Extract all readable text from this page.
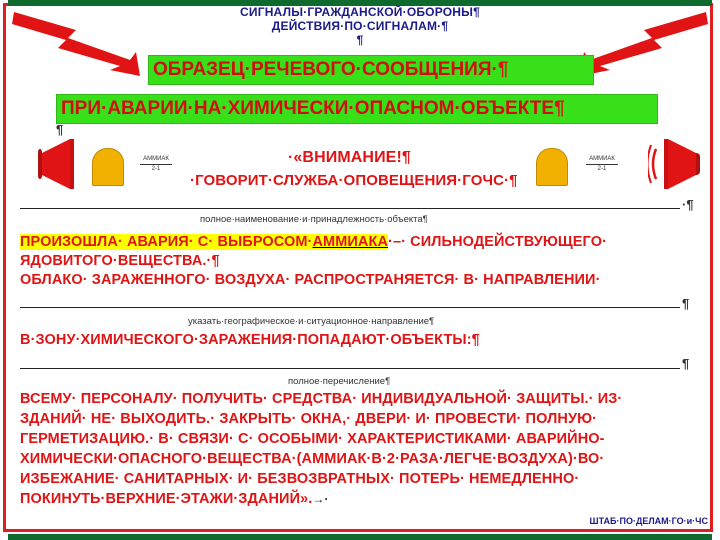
СИГНАЛЫ·ГРАЖДАНСКОЙ·ОБОРОНЫ¶
ДЕЙСТВИЯ·ПО·СИГНАЛАМ·¶
¶
ОБРАЗЕЦ·РЕЧЕВОГО·СООБЩЕНИЯ·¶
ПРИ·АВАРИИ·НА·ХИМИЧЕСКИ·ОПАСНОМ·ОБЪЕКТЕ¶
¶
АММИАК
2-1
АММИАК
2-1
·«ВНИМАНИЕ!¶
·ГОВОРИТ·СЛУЖБА·ОПОВЕЩЕНИЯ·ГОЧС·¶
·¶
полное·наименование·и·принадлежность·объекта¶
ПРОИЗОШЛА· АВАРИЯ· С· ВЫБРОСОМ·АММИАКА·–· СИЛЬНОДЕЙСТВУЮЩЕГО·
ЯДОВИТОГО·ВЕЩЕСТВА.·¶
ОБЛАКО· ЗАРАЖЕННОГО· ВОЗДУХА· РАСПРОСТРАНЯЕТСЯ· В· НАПРАВЛЕНИИ·
¶
указать·географическое·и·ситуационное·направление¶
В·ЗОНУ·ХИМИЧЕСКОГО·ЗАРАЖЕНИЯ·ПОПАДАЮТ·ОБЪЕКТЫ:¶
¶
полное·перечисление¶
ВСЕМУ· ПЕРСОНАЛУ· ПОЛУЧИТЬ· СРЕДСТВА· ИНДИВИДУАЛЬНОЙ· ЗАЩИТЫ.· ИЗ·
ЗДАНИЙ· НЕ· ВЫХОДИТЬ.· ЗАКРЫТЬ· ОКНА,· ДВЕРИ· И· ПРОВЕСТИ· ПОЛНУЮ·
ГЕРМЕТИЗАЦИЮ.· В· СВЯЗИ· С· ОСОБЫМИ· ХАРАКТЕРИСТИКАМИ· АВАРИЙНО-
ХИМИЧЕСКИ·ОПАСНОГО·ВЕЩЕСТВА·(АММИАК·В·2·РАЗА·ЛЕГЧЕ·ВОЗДУХА)·ВО·
ИЗБЕЖАНИЕ· САНИТАРНЫХ· И· БЕЗВОЗВРАТНЫХ· ПОТЕРЬ· НЕМЕДЛЕННО·
ПОКИНУТЬ·ВЕРХНИЕ·ЭТАЖИ·ЗДАНИЙ».→·
ШТАБ·ПО·ДЕЛАМ·ГО·и·ЧС
